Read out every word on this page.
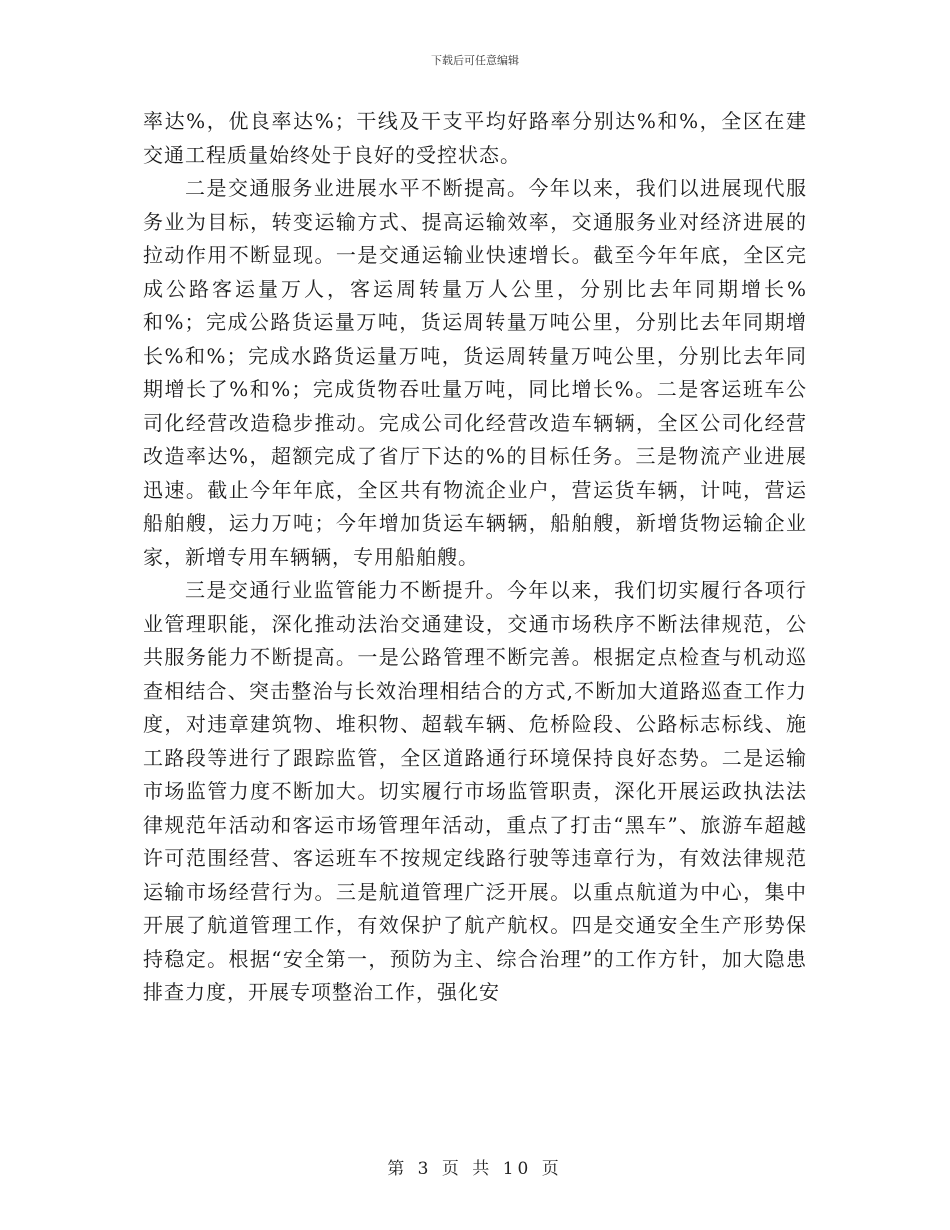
下载后可任意编辑

率达%，优良率达%；干线及干支平均好路率分别达%和%，全区在建交通工程质量始终处于良好的受控状态。

二是交通服务业进展水平不断提高。今年以来，我们以进展现代服务业为目标，转变运输方式、提高运输效率，交通服务业对经济进展的拉动作用不断显现。一是交通运输业快速增长。截至今年年底，全区完成公路客运量万人，客运周转量万人公里，分别比去年同期增长%和%；完成公路货运量万吨，货运周转量万吨公里，分别比去年同期增长%和%；完成水路货运量万吨，货运周转量万吨公里，分别比去年同期增长了%和%；完成货物吞吐量万吨，同比增长%。二是客运班车公司化经营改造稳步推动。完成公司化经营改造车辆辆，全区公司化经营改造率达%，超额完成了省厅下达的%的目标任务。三是物流产业进展迅速。截止今年年底，全区共有物流企业户，营运货车辆，计吨，营运船舶艘，运力万吨；今年增加货运车辆辆，船舶艘，新增货物运输企业家，新增专用车辆辆，专用船舶艘。

三是交通行业监管能力不断提升。今年以来，我们切实履行各项行业管理职能，深化推动法治交通建设，交通市场秩序不断法律规范，公共服务能力不断提高。一是公路管理不断完善。根据定点检查与机动巡查相结合、突击整治与长效治理相结合的方式,不断加大道路巡查工作力度，对违章建筑物、堆积物、超载车辆、危桥险段、公路标志标线、施工路段等进行了跟踪监管，全区道路通行环境保持良好态势。二是运输市场监管力度不断加大。切实履行市场监管职责，深化开展运政执法法律规范年活动和客运市场管理年活动，重点了打击“黑车”、旅游车超越许可范围经营、客运班车不按规定线路行驶等违章行为，有效法律规范运输市场经营行为。三是航道管理广泛开展。以重点航道为中心，集中开展了航道管理工作，有效保护了航产航权。四是交通安全生产形势保持稳定。根据“安全第一，预防为主、综合治理”的工作方针，加大隐患排查力度，开展专项整治工作，强化安

第 3 页 共 10 页
